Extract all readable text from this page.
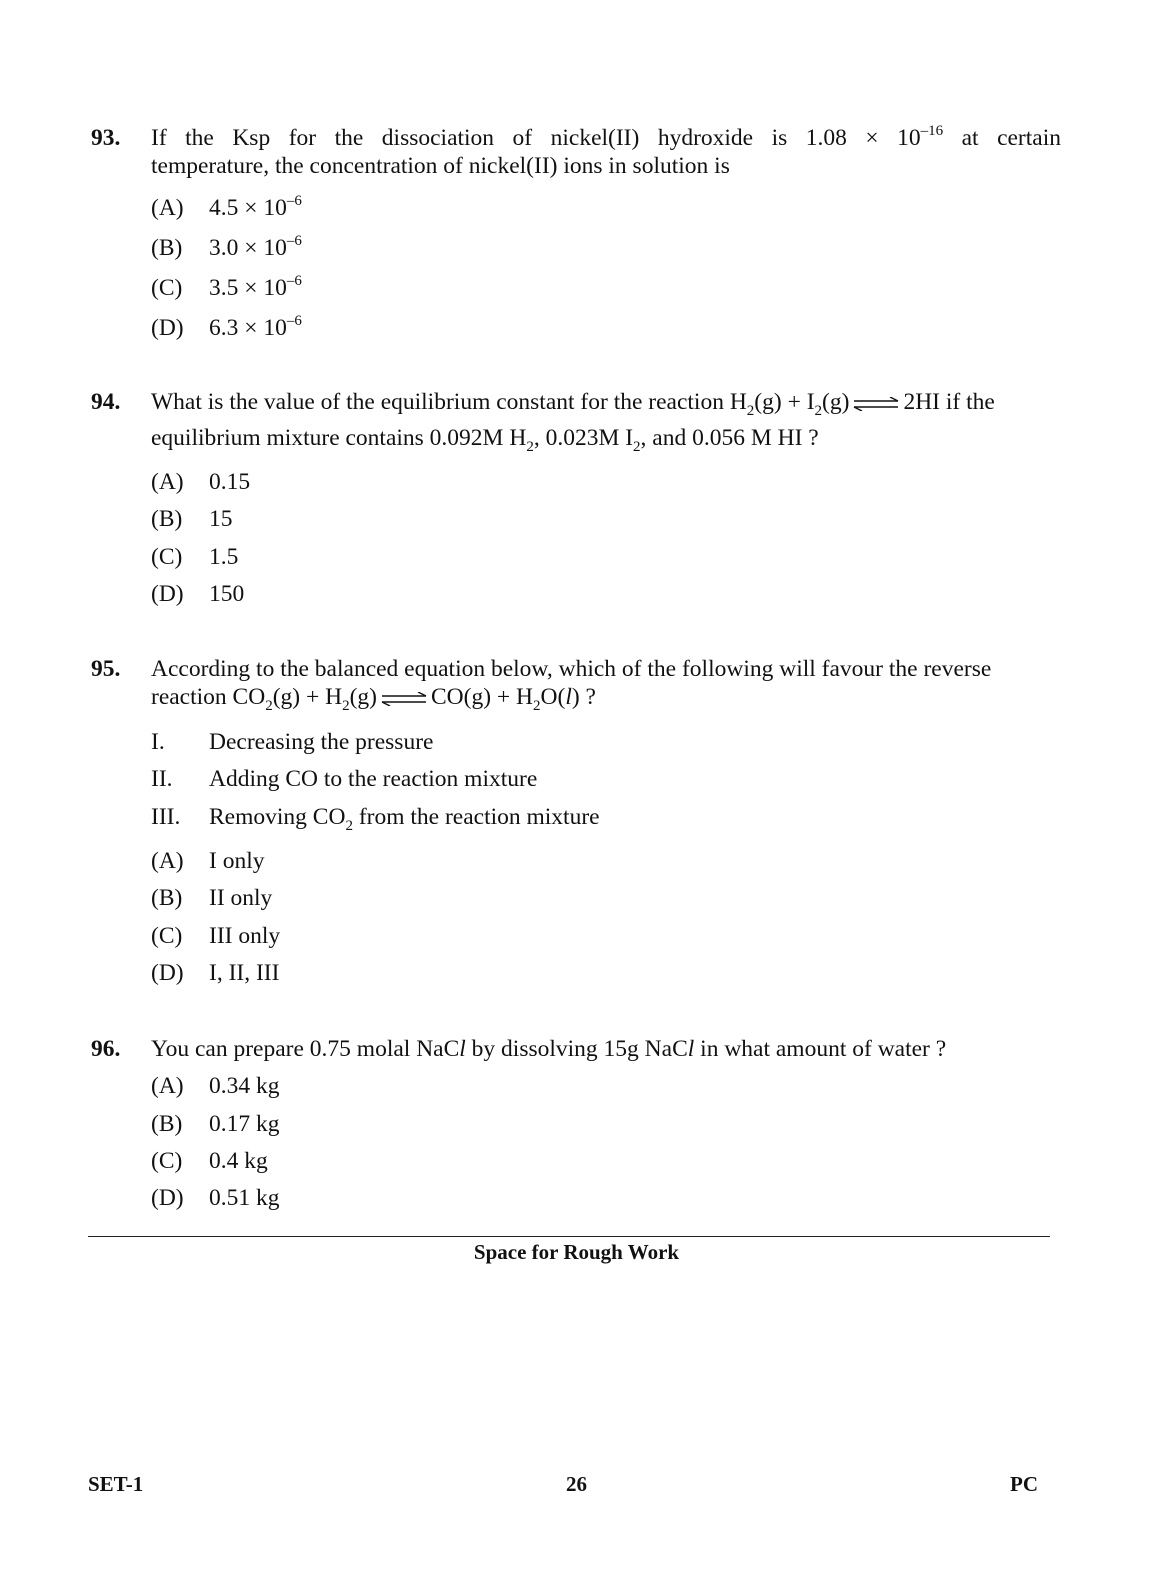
93. If the Ksp for the dissociation of nickel(II) hydroxide is $1.08 \times 10^{-16}$ at certain
temperature, the concentration of nickel(II) ions in solution is
(A) $4.5 \times 10^{-6}$
(B) $3.0 \times 10^{-6}$
(C) $3.5 \times 10^{-6}$
(D) $6.3 \times 10^{-6}$
94. What is the value of the equilibrium constant for the reaction $H_2(g) + I_2(g)$ ⇌ 2HI if the
equilibrium mixture contains 0.092M $H_2$, 0.023M $I_2$, and 0.056 M HI ?
(A) 0.15
(B) 15
(C) 1.5
(D) 150
95. According to the balanced equation below, which of the following will favour the reverse
reaction $CO_2(g) + H_2(g)$ ⇌ $CO(g) + H_2O(l)$ ?
I. Decreasing the pressure
II. Adding CO to the reaction mixture
III. Removing $CO_2$ from the reaction mixture
(A) I only
(B) II only
(C) III only
(D) I, II, III
96. You can prepare 0.75 molal NaCl by dissolving 15g NaCl in what amount of water ?
(A) 0.34 kg
(B) 0.17 kg
(C) 0.4 kg
(D) 0.51 kg
Space for Rough Work
SET-1	26	PC
